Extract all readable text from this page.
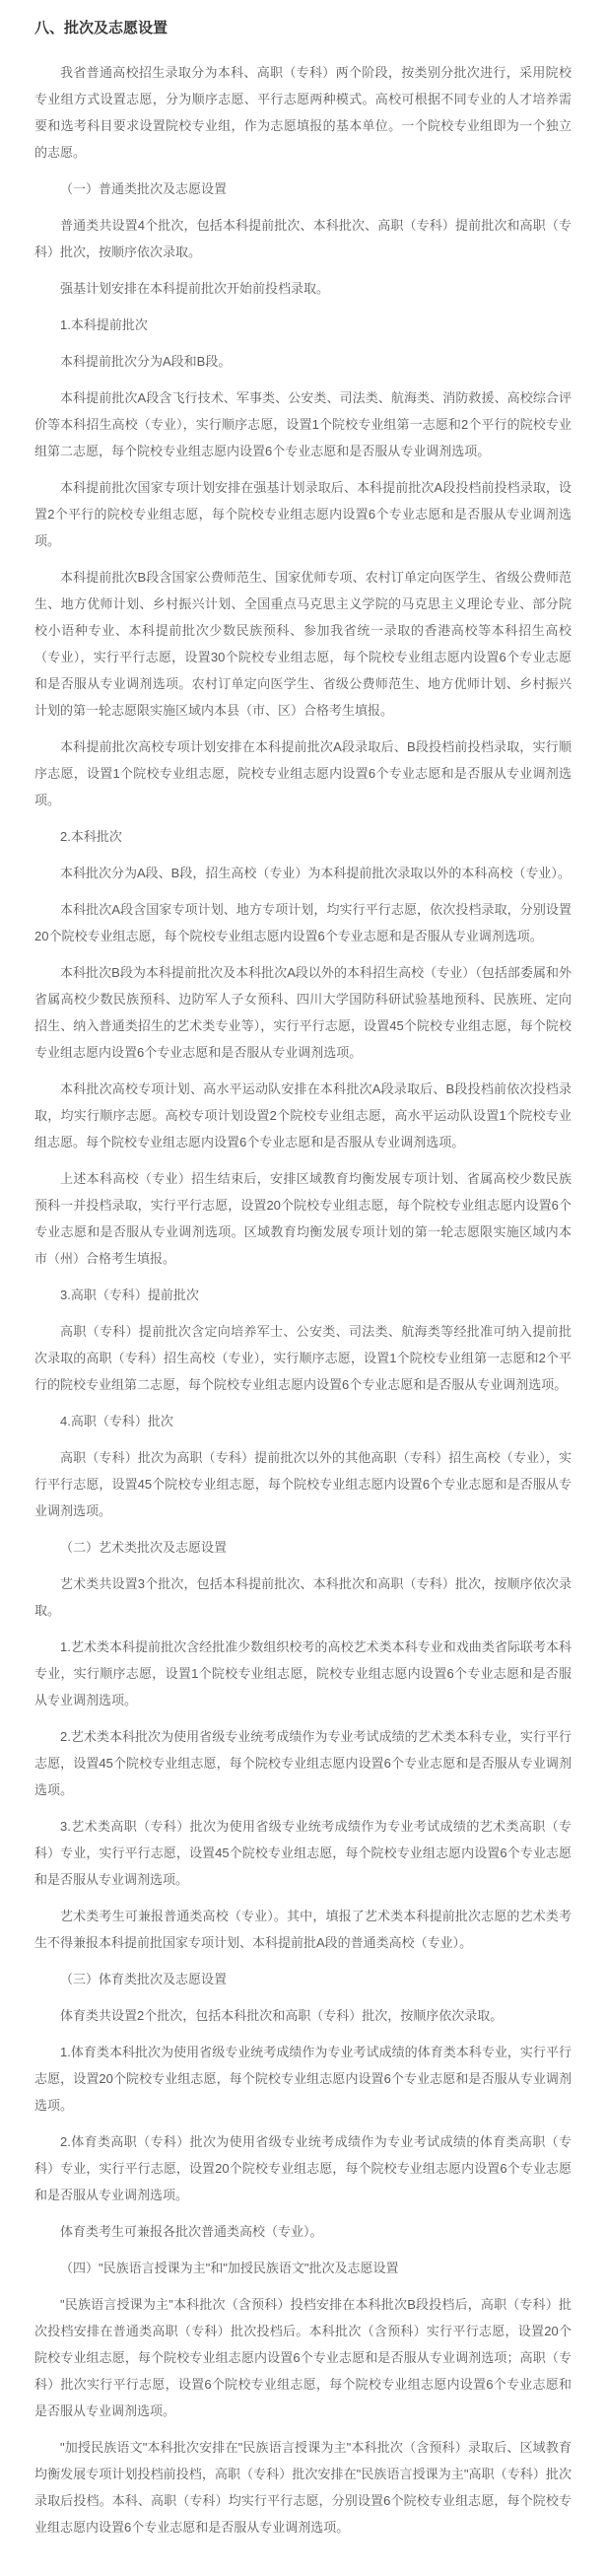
八、批次及志愿设置

我省普通高校招生录取分为本科、高职（专科）两个阶段，按类别分批次进行，采用院校专业组方式设置志愿，分为顺序志愿、平行志愿两种模式。高校可根据不同专业的人才培养需要和选考科目要求设置院校专业组，作为志愿填报的基本单位。一个院校专业组即为一个独立的志愿。

（一）普通类批次及志愿设置

普通类共设置4个批次，包括本科提前批次、本科批次、高职（专科）提前批次和高职（专科）批次，按顺序依次录取。

强基计划安排在本科提前批次开始前投档录取。

1.本科提前批次

本科提前批次分为A段和B段。

本科提前批次A段含飞行技术、军事类、公安类、司法类、航海类、消防救援、高校综合评价等本科招生高校（专业），实行顺序志愿，设置1个院校专业组第一志愿和2个平行的院校专业组第二志愿，每个院校专业组志愿内设置6个专业志愿和是否服从专业调剂选项。

本科提前批次国家专项计划安排在强基计划录取后、本科提前批次A段投档前投档录取，设置2个平行的院校专业组志愿，每个院校专业组志愿内设置6个专业志愿和是否服从专业调剂选项。

本科提前批次B段含国家公费师范生、国家优师专项、农村订单定向医学生、省级公费师范生、地方优师计划、乡村振兴计划、全国重点马克思主义学院的马克思主义理论专业、部分院校小语种专业、本科提前批次少数民族预科、参加我省统一录取的香港高校等本科招生高校（专业），实行平行志愿，设置30个院校专业组志愿，每个院校专业组志愿内设置6个专业志愿和是否服从专业调剂选项。农村订单定向医学生、省级公费师范生、地方优师计划、乡村振兴计划的第一轮志愿限实施区域内本县（市、区）合格考生填报。

本科提前批次高校专项计划安排在本科提前批次A段录取后、B段投档前投档录取，实行顺序志愿，设置1个院校专业组志愿，院校专业组志愿内设置6个专业志愿和是否服从专业调剂选项。

2.本科批次

本科批次分为A段、B段，招生高校（专业）为本科提前批次录取以外的本科高校（专业）。

本科批次A段含国家专项计划、地方专项计划，均实行平行志愿，依次投档录取，分别设置20个院校专业组志愿，每个院校专业组志愿内设置6个专业志愿和是否服从专业调剂选项。

本科批次B段为本科提前批次及本科批次A段以外的本科招生高校（专业）（包括部委属和外省属高校少数民族预科、边防军人子女预科、四川大学国防科研试验基地预科、民族班、定向招生、纳入普通类招生的艺术类专业等），实行平行志愿，设置45个院校专业组志愿，每个院校专业组志愿内设置6个专业志愿和是否服从专业调剂选项。

本科批次高校专项计划、高水平运动队安排在本科批次A段录取后、B段投档前依次投档录取，均实行顺序志愿。高校专项计划设置2个院校专业组志愿，高水平运动队设置1个院校专业组志愿。每个院校专业组志愿内设置6个专业志愿和是否服从专业调剂选项。

上述本科高校（专业）招生结束后，安排区域教育均衡发展专项计划、省属高校少数民族预科一并投档录取，实行平行志愿，设置20个院校专业组志愿，每个院校专业组志愿内设置6个专业志愿和是否服从专业调剂选项。区域教育均衡发展专项计划的第一轮志愿限实施区域内本市（州）合格考生填报。

3.高职（专科）提前批次

高职（专科）提前批次含定向培养军士、公安类、司法类、航海类等经批准可纳入提前批次录取的高职（专科）招生高校（专业），实行顺序志愿，设置1个院校专业组第一志愿和2个平行的院校专业组第二志愿，每个院校专业组志愿内设置6个专业志愿和是否服从专业调剂选项。

4.高职（专科）批次

高职（专科）批次为高职（专科）提前批次以外的其他高职（专科）招生高校（专业），实行平行志愿，设置45个院校专业组志愿，每个院校专业组志愿内设置6个专业志愿和是否服从专业调剂选项。

（二）艺术类批次及志愿设置

艺术类共设置3个批次，包括本科提前批次、本科批次和高职（专科）批次，按顺序依次录取。

1.艺术类本科提前批次含经批准少数组织校考的高校艺术类本科专业和戏曲类省际联考本科专业，实行顺序志愿，设置1个院校专业组志愿，院校专业组志愿内设置6个专业志愿和是否服从专业调剂选项。

2.艺术类本科批次为使用省级专业统考成绩作为专业考试成绩的艺术类本科专业，实行平行志愿，设置45个院校专业组志愿，每个院校专业组志愿内设置6个专业志愿和是否服从专业调剂选项。

3.艺术类高职（专科）批次为使用省级专业统考成绩作为专业考试成绩的艺术类高职（专科）专业，实行平行志愿，设置45个院校专业组志愿，每个院校专业组志愿内设置6个专业志愿和是否服从专业调剂选项。

艺术类考生可兼报普通类高校（专业）。其中，填报了艺术类本科提前批次志愿的艺术类考生不得兼报本科提前批国家专项计划、本科提前批A段的普通类高校（专业）。

（三）体育类批次及志愿设置

体育类共设置2个批次，包括本科批次和高职（专科）批次，按顺序依次录取。

1.体育类本科批次为使用省级专业统考成绩作为专业考试成绩的体育类本科专业，实行平行志愿，设置20个院校专业组志愿，每个院校专业组志愿内设置6个专业志愿和是否服从专业调剂选项。

2.体育类高职（专科）批次为使用省级专业统考成绩作为专业考试成绩的体育类高职（专科）专业，实行平行志愿，设置20个院校专业组志愿，每个院校专业组志愿内设置6个专业志愿和是否服从专业调剂选项。

体育类考生可兼报各批次普通类高校（专业）。

（四）"民族语言授课为主"和"加授民族语文"批次及志愿设置

"民族语言授课为主"本科批次（含预科）投档安排在本科批次B段投档后，高职（专科）批次投档安排在普通类高职（专科）批次投档后。本科批次（含预科）实行平行志愿，设置20个院校专业组志愿，每个院校专业组志愿内设置6个专业志愿和是否服从专业调剂选项；高职（专科）批次实行平行志愿，设置6个院校专业组志愿，每个院校专业组志愿内设置6个专业志愿和是否服从专业调剂选项。

"加授民族语文"本科批次安排在"民族语言授课为主"本科批次（含预科）录取后、区域教育均衡发展专项计划投档前投档，高职（专科）批次安排在"民族语言授课为主"高职（专科）批次录取后投档。本科、高职（专科）均实行平行志愿，分别设置6个院校专业组志愿，每个院校专业组志愿内设置6个专业志愿和是否服从专业调剂选项。
